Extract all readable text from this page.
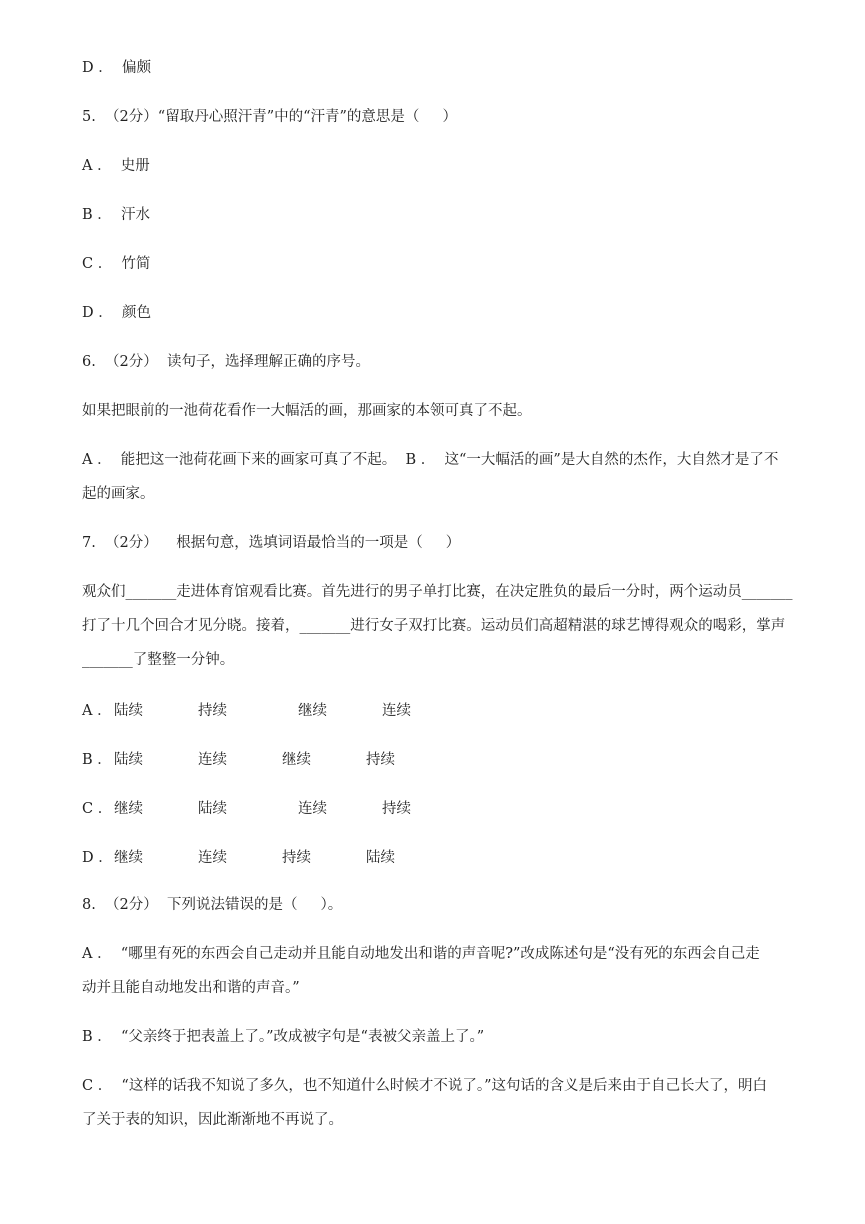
D ．  偏颇
5.  （2分）“留取丹心照汗青”中的“汗青”的意思是（     ）
A ．  史册
B ．  汗水
C ．  竹简
D ．  颜色
6.  （2分）  读句子，选择理解正确的序号。
如果把眼前的一池荷花看作一大幅活的画，那画家的本领可真了不起。
A ．  能把这一池荷花画下来的画家可真了不起。  B ．  这“一大幅活的画”是大自然的杰作，大自然才是了不
起的画家。
7.  （2分）    根据句意，选填词语最恰当的一项是（     ）
观众们_______走进体育馆观看比赛。首先进行的男子单打比赛，在决定胜负的最后一分时，两个运动员_______
打了十几个回合才见分晓。接着，_______进行女子双打比赛。运动员们高超精湛的球艺博得观众的喝彩，掌声
_______了整整一分钟。
A ． 陆续	持续	继续	连续
B ． 陆续	连续	继续	持续
C ． 继续	陆续	连续	持续
D ． 继续	连续	持续	陆续
8.  （2分）  下列说法错误的是（     ）。
A ．  “哪里有死的东西会自己走动并且能自动地发出和谐的声音呢?”改成陈述句是“没有死的东西会自己走
动并且能自动地发出和谐的声音。”
B ．  “父亲终于把表盖上了。”改成被字句是“表被父亲盖上了。”
C ．  “这样的话我不知说了多久，也不知道什么时候才不说了。”这句话的含义是后来由于自己长大了，明白
了关于表的知识，因此渐渐地不再说了。
